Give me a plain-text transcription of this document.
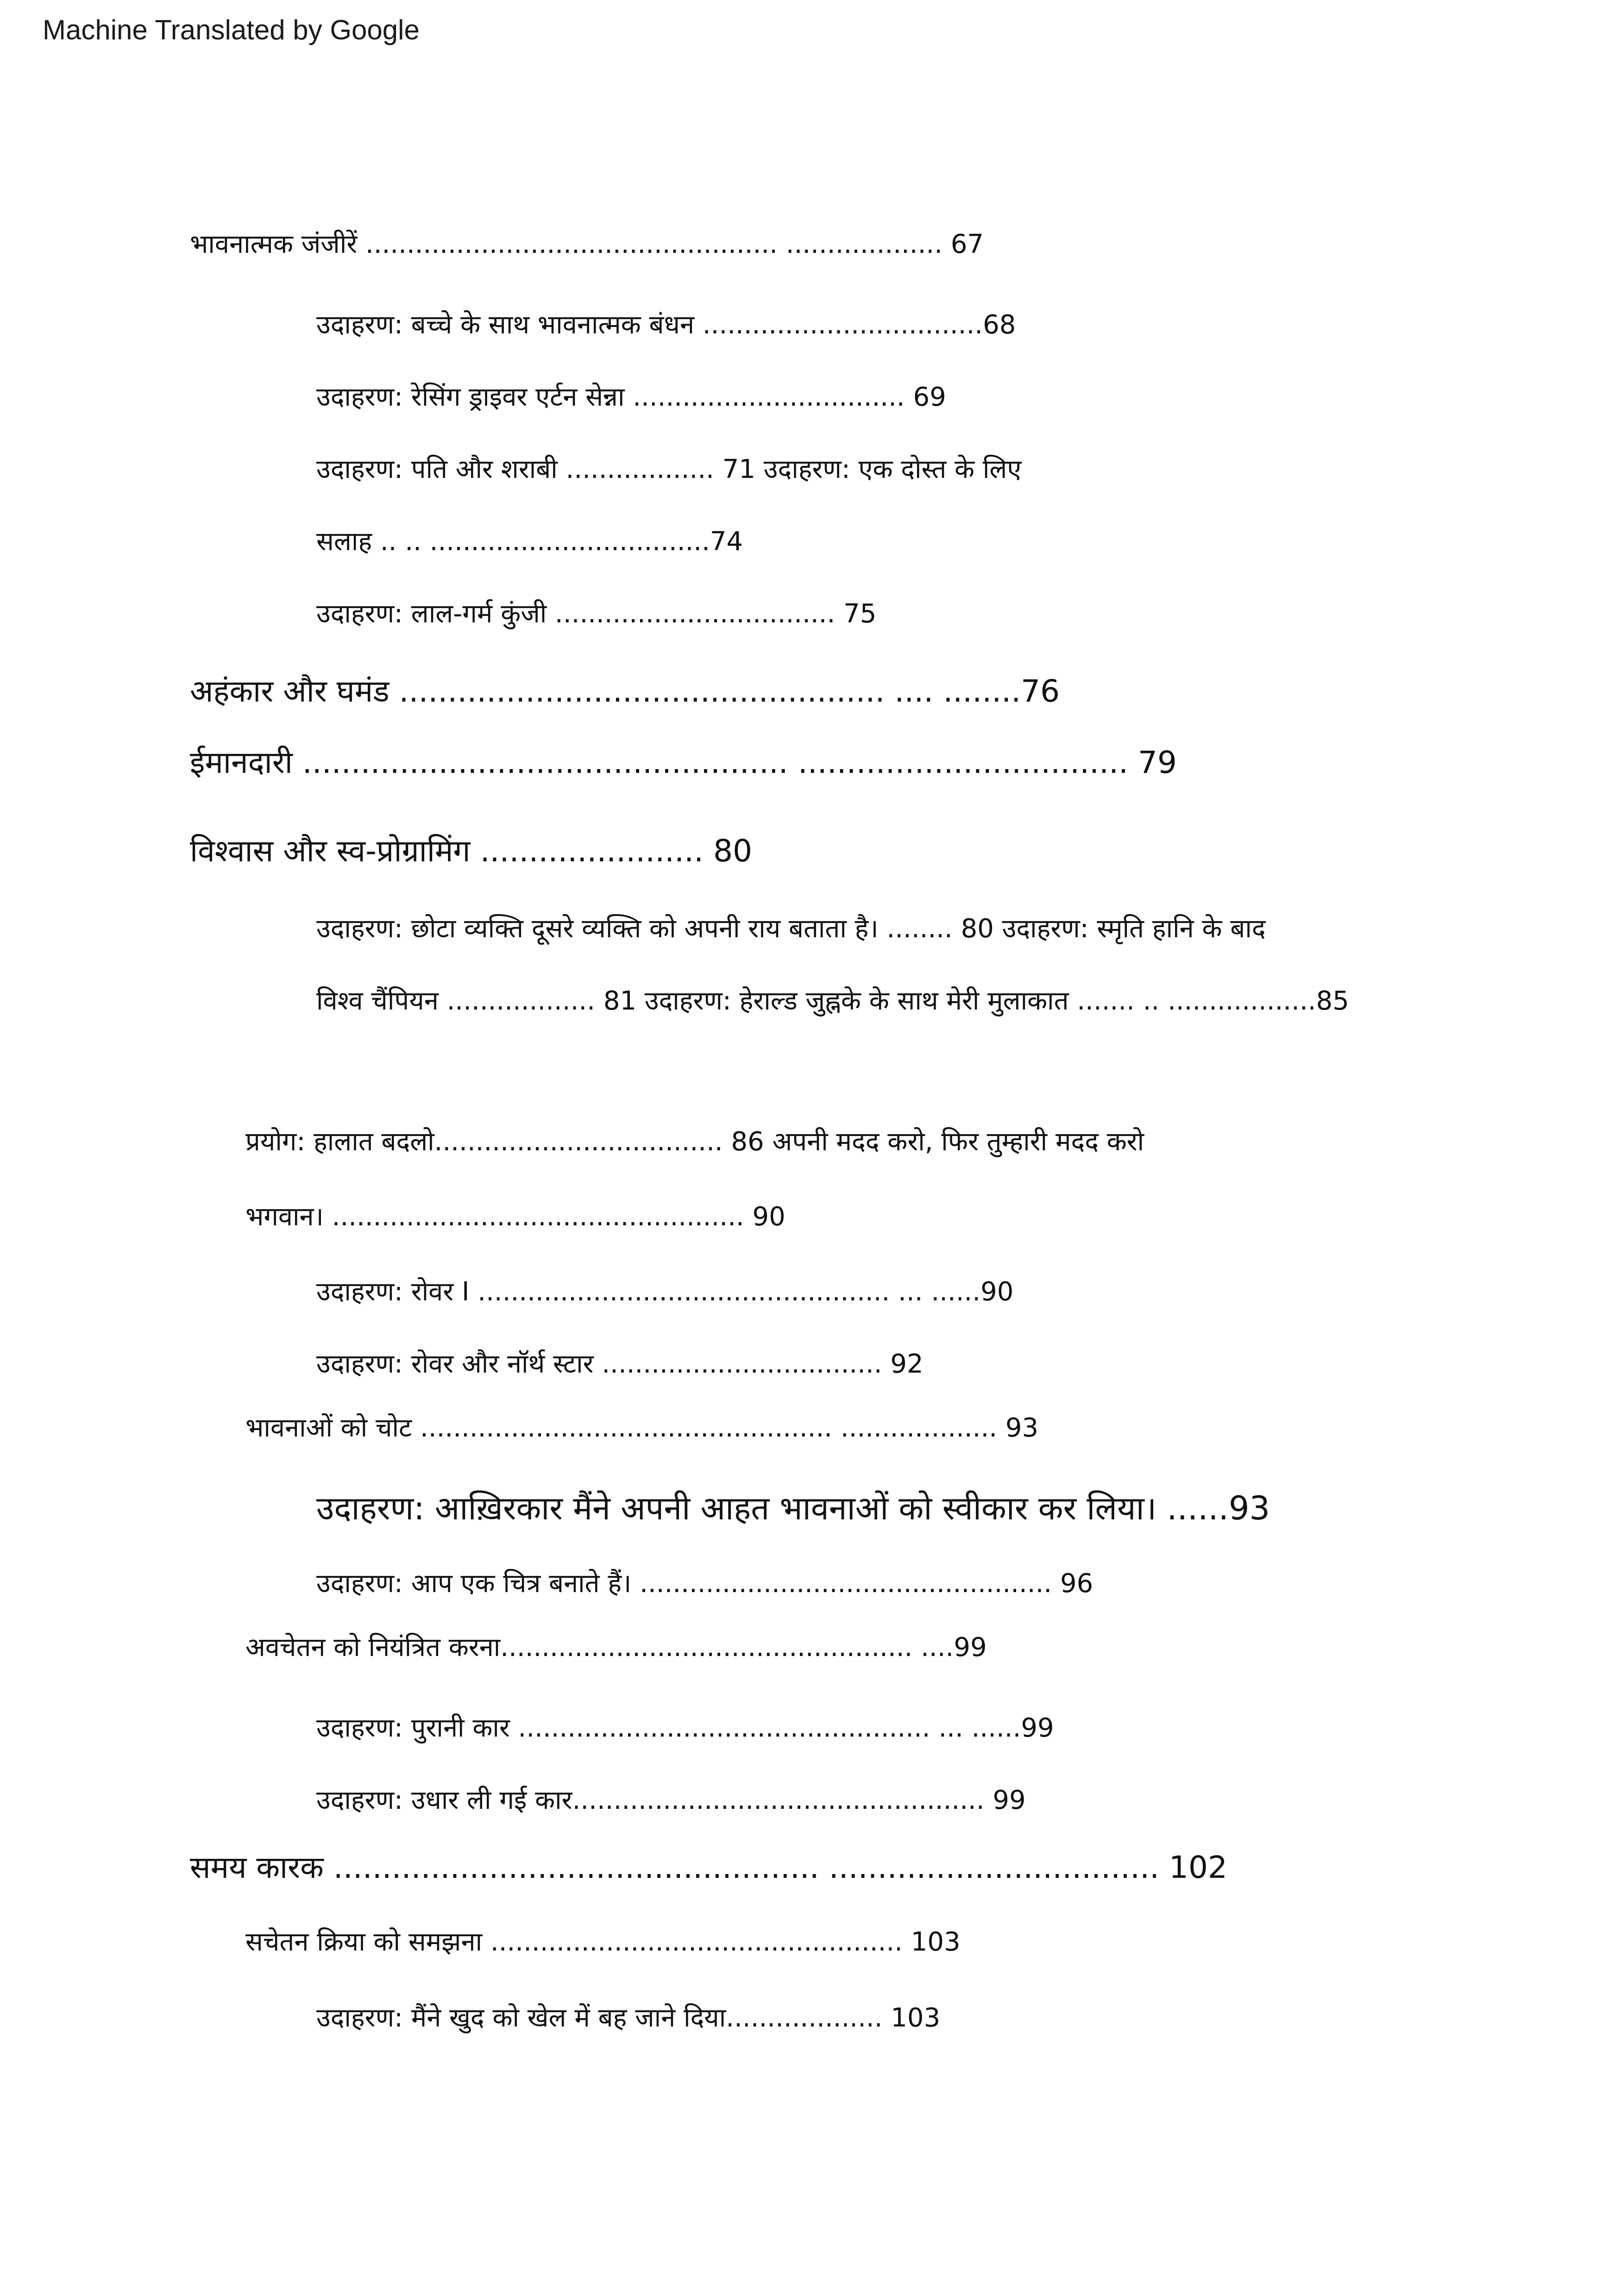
Machine Translated by Google
भावनात्मक जंजीरें .................................................. ................... 67
उदाहरण: बच्चे के साथ भावनात्मक बंधन ..................................68
उदाहरण: रेसिंग ड्राइवर एर्टन सेन्ना ................................. 69
उदाहरण: पति और शराबी .................. 71 उदाहरण: एक दोस्त के लिए
सलाह .. .. ..................................74
उदाहरण: लाल-गर्म कुंजी .................................. 75
अहंकार और घमंड .................................................. .... ........76
ईमानदारी .................................................. .................................. 79
विश्वास और स्व-प्रोग्रामिंग ....................... 80
उदाहरण: छोटा व्यक्ति दूसरे व्यक्ति को अपनी राय बताता है। ........ 80 उदाहरण: स्मृति हानि के बाद
विश्व चैंपियन .................. 81 उदाहरण: हेराल्ड जुह्नके के साथ मेरी मुलाकात ....... .. ..................85
प्रयोग: हालात बदलो................................... 86 अपनी मदद करो, फिर तुम्हारी मदद करो
भगवान। .................................................. 90
उदाहरण: रोवर I .................................................. ... ......90
उदाहरण: रोवर और नॉर्थ स्टार .................................. 92
भावनाओं को चोट .................................................. ................... 93
उदाहरण: आख़िरकार मैंने अपनी आहत भावनाओं को स्वीकार कर लिया। ......93
उदाहरण: आप एक चित्र बनाते हैं। .................................................. 96
अवचेतन को नियंत्रित करना.................................................. ....99
उदाहरण: पुरानी कार .................................................. ... ......99
उदाहरण: उधार ली गई कार.................................................. 99
समय कारक .................................................. .................................. 102
सचेतन क्रिया को समझना .................................................. 103
उदाहरण: मैंने खुद को खेल में बह जाने दिया................... 103
